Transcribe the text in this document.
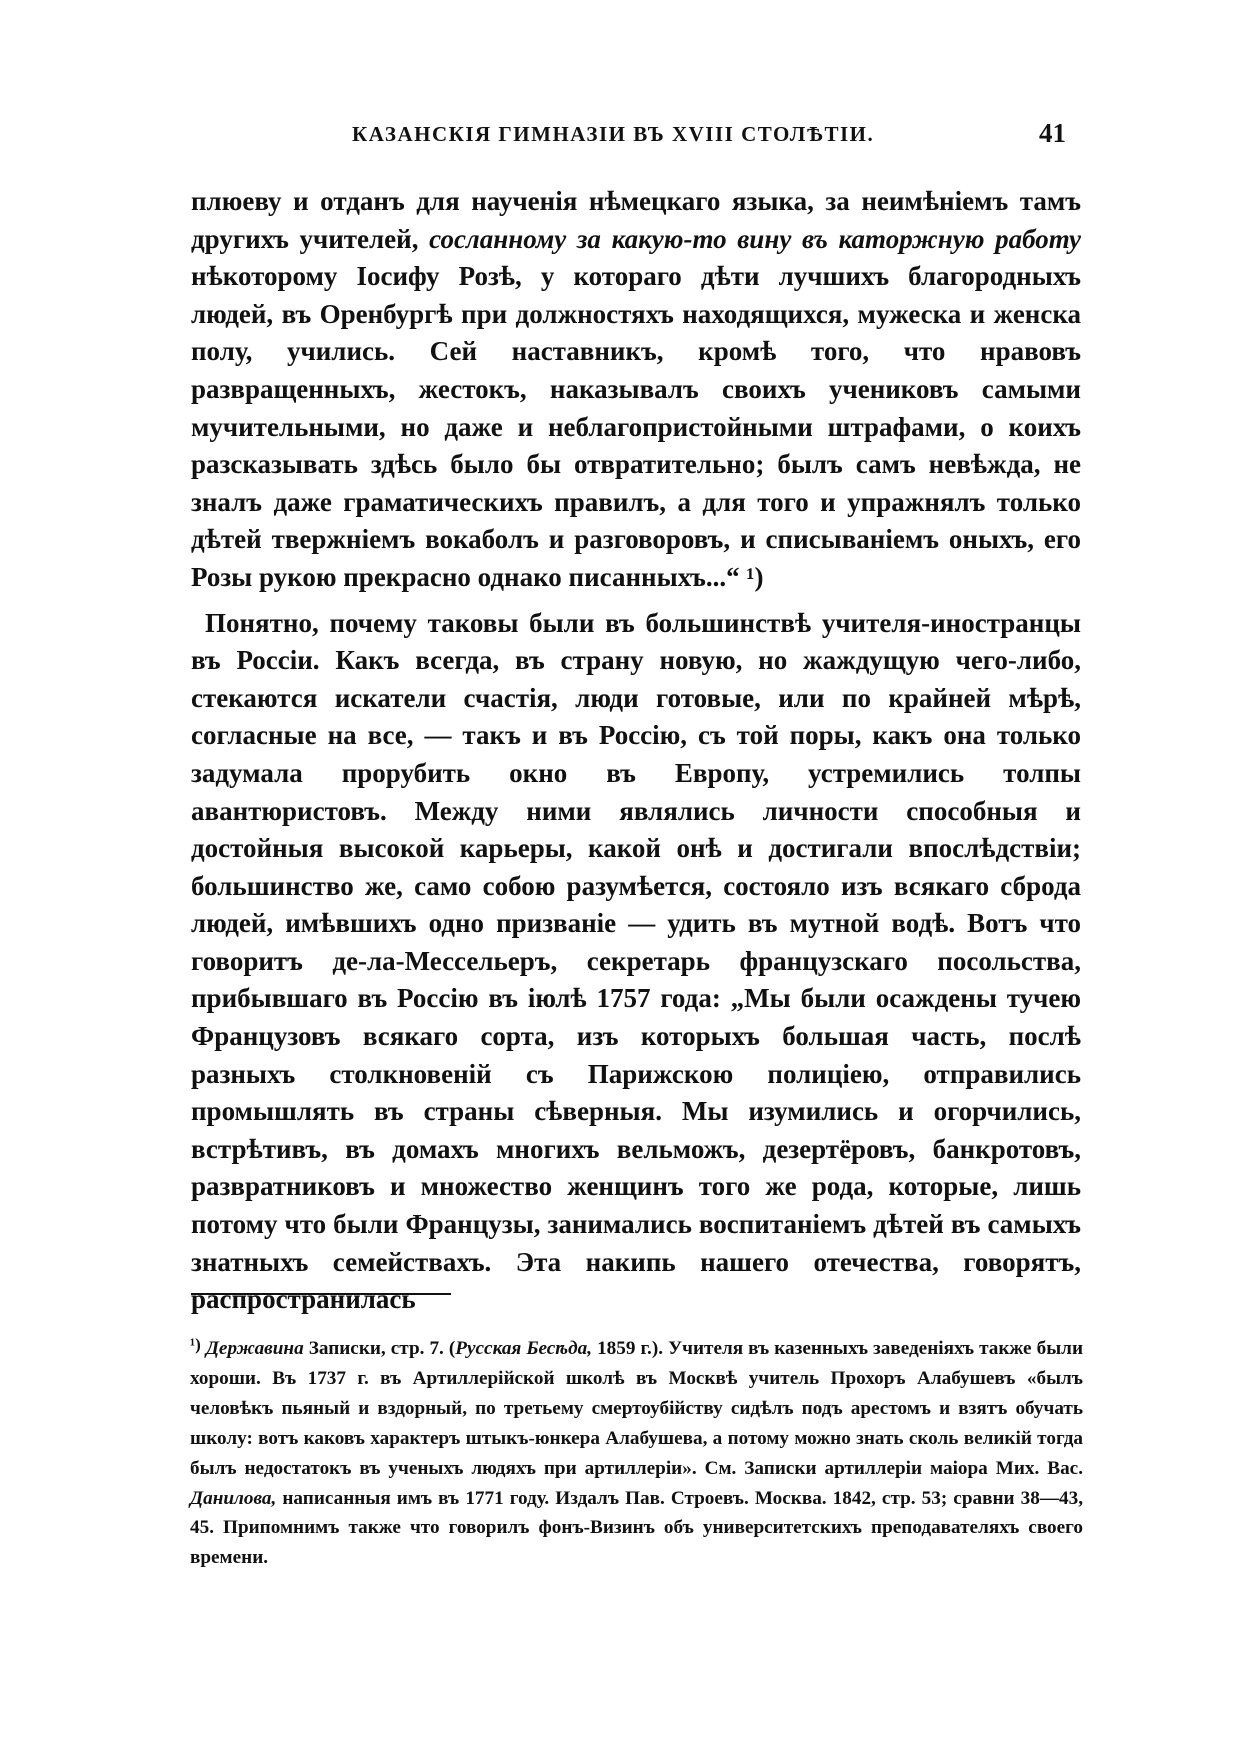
КАЗАНСКІЯ ГИМНАЗІИ ВЪ XVIII СТОЛѢТІИ.	41

плюеву и отданъ для наученія нѣмецкаго языка, за неимѣніемъ тамъ другихъ учителей, сосланному за какую-то вину въ каторжную работу нѣкоторому Іосифу Розѣ, у котораго дѣти лучшихъ благородныхъ людей, въ Оренбургѣ при должностяхъ находящихся, мужеска и женска полу, учились. Сей наставникъ, кромѣ того, что нравовъ развращенныхъ, жестокъ, наказывалъ своихъ учениковъ самыми мучительными, но даже и неблагопристойными штрафами, о коихъ разсказывать здѣсь было бы отвратительно; былъ самъ невѣжда, не зналъ даже граматическихъ правилъ, а для того и упражнялъ только дѣтей твержніемъ вокаболъ и разговоровъ, и списываніемъ оныхъ, его Розы рукою прекрасно однако писанныхъ...“ ¹)

Понятно, почему таковы были въ большинствѣ учителя-иностранцы въ Россіи. Какъ всегда, въ страну новую, но жаждущую чего-либо, стекаются искатели счастія, люди готовые, или по крайней мѣрѣ, согласные на все, — такъ и въ Россію, съ той поры, какъ она только задумала прорубить окно въ Европу, устремились толпы авантюристовъ. Между ними являлись личности способныя и достойныя высокой карьеры, какой онѣ и достигали впослѣдствіи; большинство же, само собою разумѣется, состояло изъ всякаго сброда людей, имѣвшихъ одно призваніе — удить въ мутной водѣ. Вотъ что говоритъ де-ла-Мессельеръ, секретарь французскаго посольства, прибывшаго въ Россію въ іюлѣ 1757 года: „Мы были осаждены тучею Французовъ всякаго сорта, изъ которыхъ большая часть, послѣ разныхъ столкновеній съ Парижскою полиціею, отправились промышлять въ страны сѣверныя. Мы изумились и огорчились, встрѣтивъ, въ домахъ многихъ вельможъ, дезертёровъ, банкротовъ, развратниковъ и множество женщинъ того же рода, которые, лишь потому что были Французы, занимались воспитаніемъ дѣтей въ самыхъ знатныхъ семействахъ. Эта накипь нашего отечества, говорятъ, распространилась

¹) Державина Записки, стр. 7. (Русская Бесѣда, 1859 г.). Учителя въ казенныхъ заведеніяхъ также были хороши. Въ 1737 г. въ Артиллерійской школѣ въ Москвѣ учитель Прохоръ Алабушевъ «былъ человѣкъ пьяный и вздорный, по третьему смертоубійству сидѣлъ подъ арестомъ и взятъ обучать школу: вотъ каковъ характеръ штыкъ-юнкера Алабушева, а потому можно знать сколь великій тогда былъ недостатокъ въ ученыхъ людяхъ при артиллеріи». См. Записки артиллеріи маіора Мих. Вас. Данилова, написанныя имъ въ 1771 году. Издалъ Пав. Строевъ. Москва. 1842, стр. 53; сравни 38—43, 45. Припомнимъ также что говорилъ фонъ-Визинъ объ университетскихъ преподавателяхъ своего времени.
